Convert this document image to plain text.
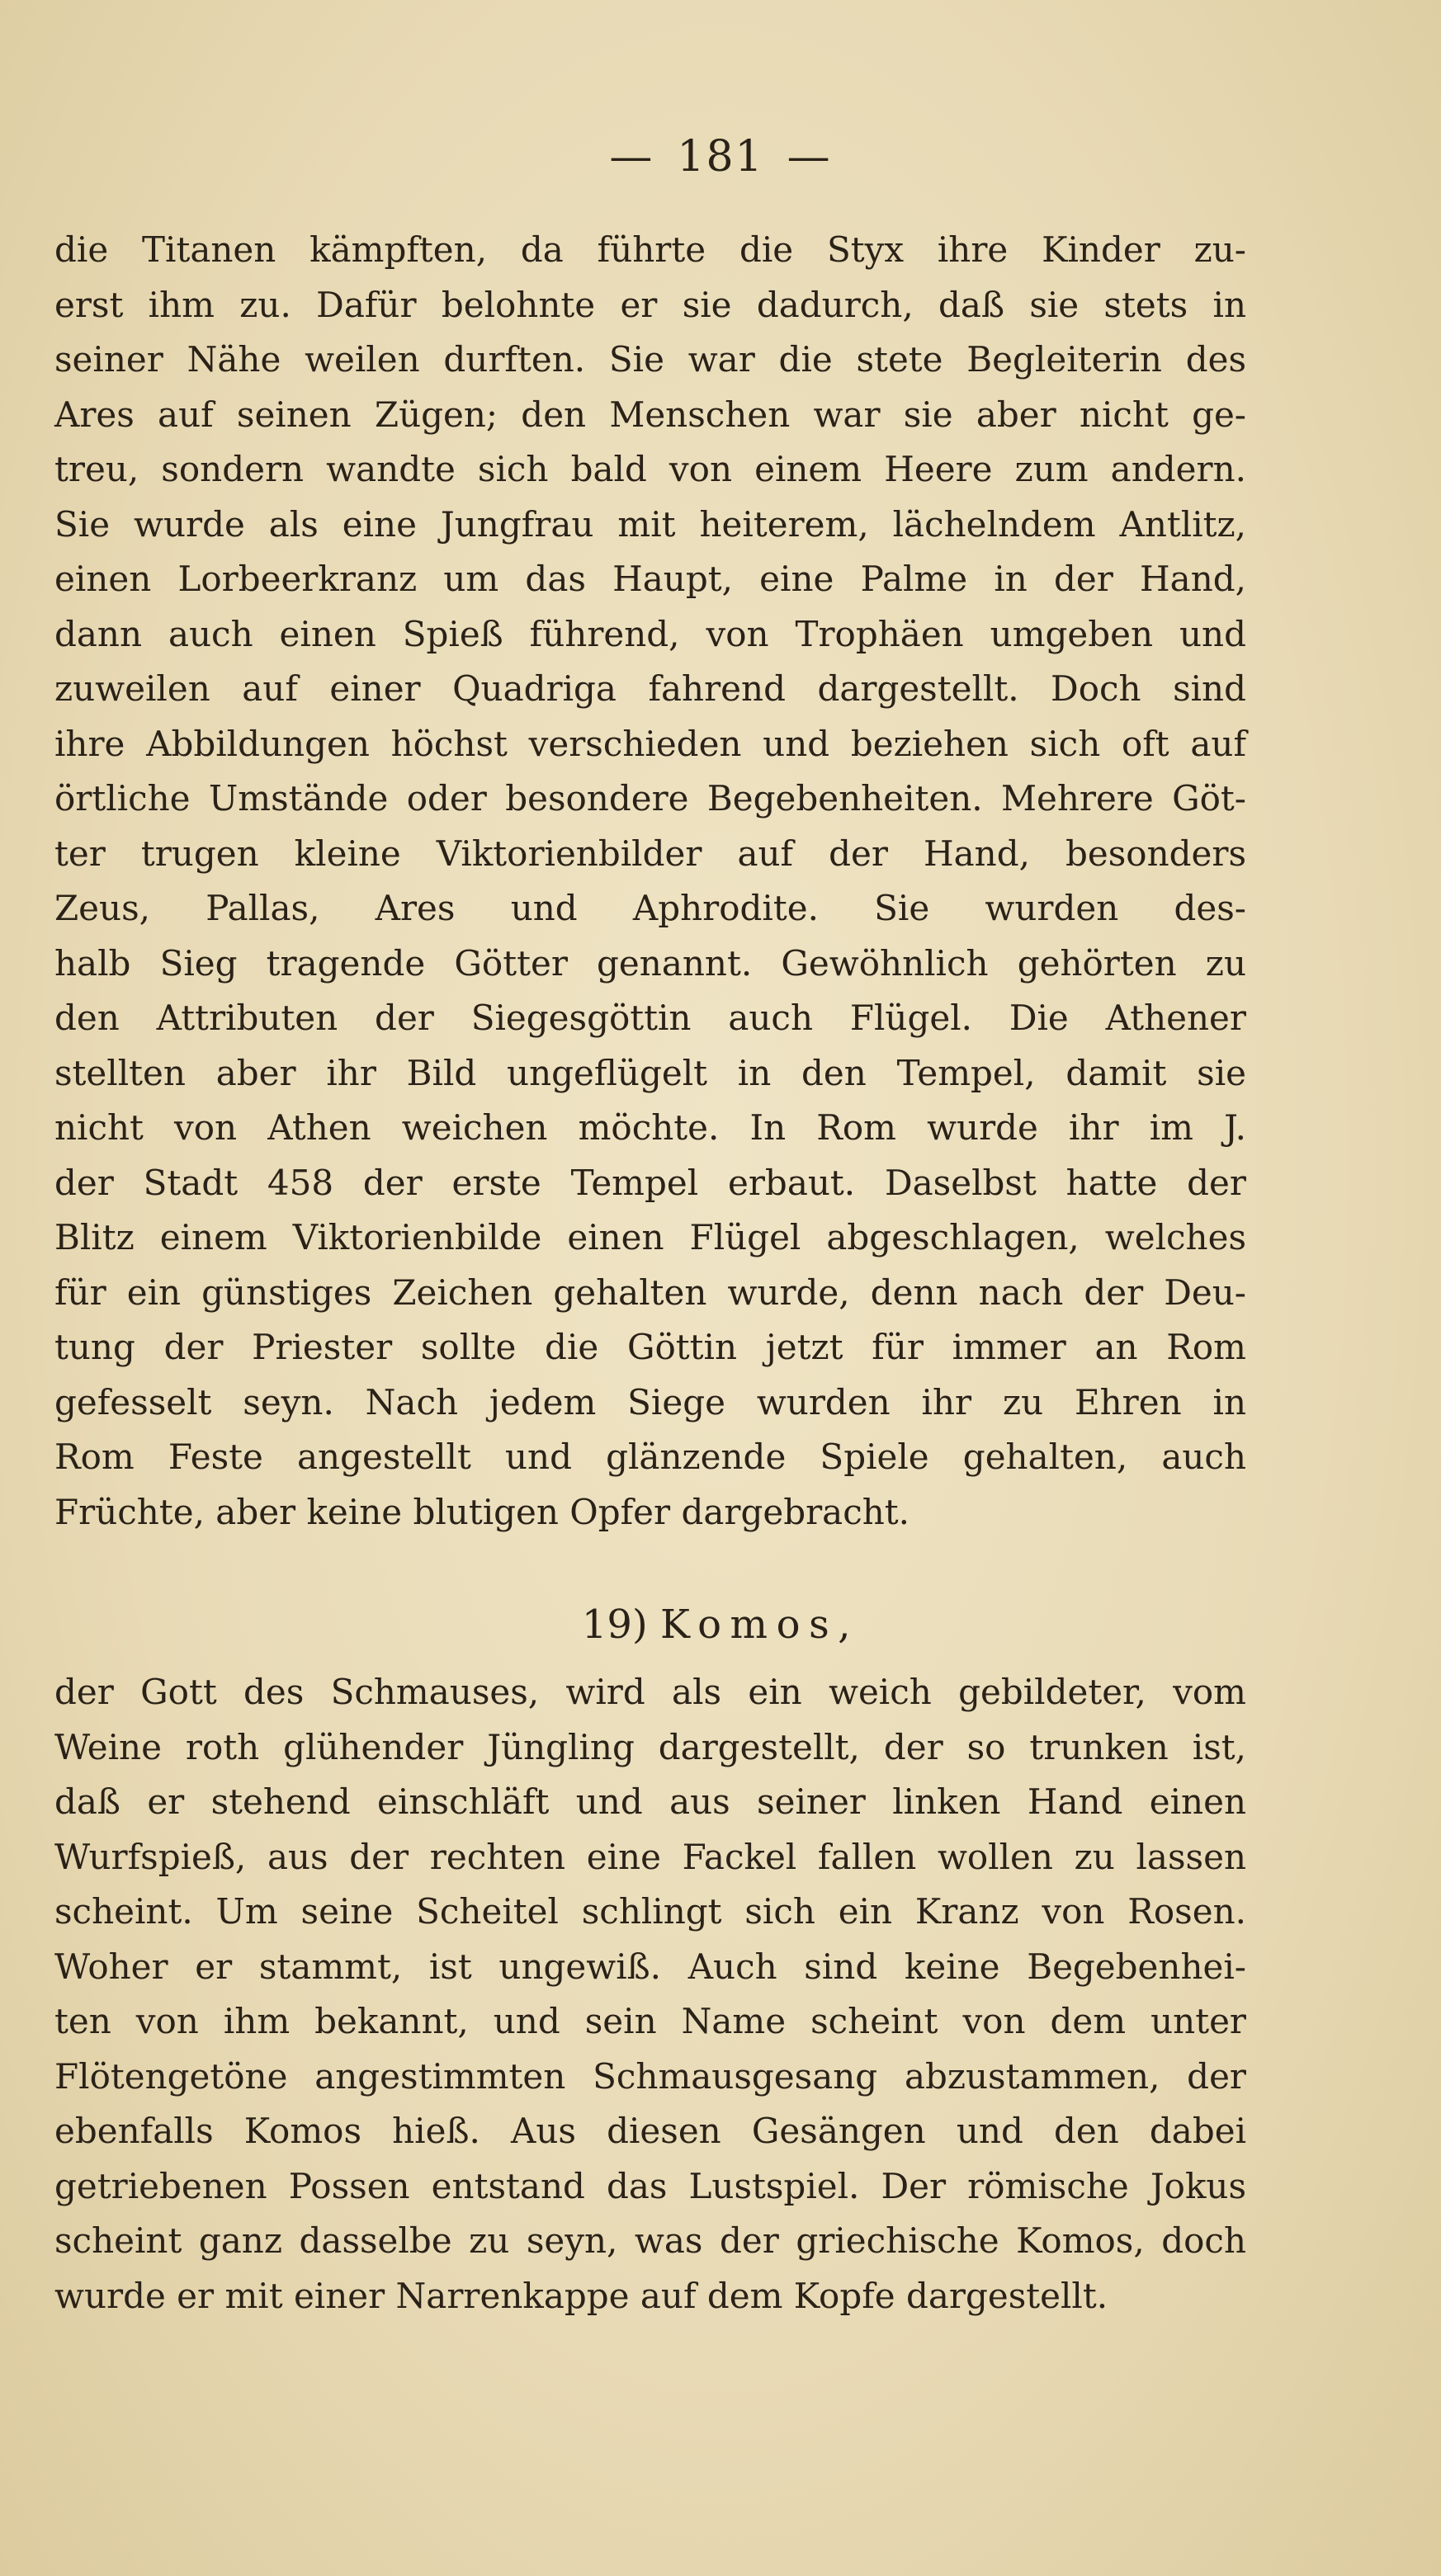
— 181 —
die Titanen kämpften, da führte die Styx ihre Kinder zu-
erst ihm zu. Dafür belohnte er sie dadurch, daß sie stets in
seiner Nähe weilen durften. Sie war die stete Begleiterin des
Ares auf seinen Zügen; den Menschen war sie aber nicht ge-
treu, sondern wandte sich bald von einem Heere zum andern.
Sie wurde als eine Jungfrau mit heiterem, lächelndem Antlitz,
einen Lorbeerkranz um das Haupt, eine Palme in der Hand,
dann auch einen Spieß führend, von Trophäen umgeben und
zuweilen auf einer Quadriga fahrend dargestellt. Doch sind
ihre Abbildungen höchst verschieden und beziehen sich oft auf
örtliche Umstände oder besondere Begebenheiten. Mehrere Göt-
ter trugen kleine Viktorienbilder auf der Hand, besonders
Zeus, Pallas, Ares und Aphrodite. Sie wurden des-
halb Sieg tragende Götter genannt. Gewöhnlich gehörten zu
den Attributen der Siegesgöttin auch Flügel. Die Athener
stellten aber ihr Bild ungeflügelt in den Tempel, damit sie
nicht von Athen weichen möchte. In Rom wurde ihr im J.
der Stadt 458 der erste Tempel erbaut. Daselbst hatte der
Blitz einem Viktorienbilde einen Flügel abgeschlagen, welches
für ein günstiges Zeichen gehalten wurde, denn nach der Deu-
tung der Priester sollte die Göttin jetzt für immer an Rom
gefesselt seyn. Nach jedem Siege wurden ihr zu Ehren in
Rom Feste angestellt und glänzende Spiele gehalten, auch
Früchte, aber keine blutigen Opfer dargebracht.
19) Komos,
der Gott des Schmauses, wird als ein weich gebildeter, vom
Weine roth glühender Jüngling dargestellt, der so trunken ist,
daß er stehend einschläft und aus seiner linken Hand einen
Wurfspieß, aus der rechten eine Fackel fallen wollen zu lassen
scheint. Um seine Scheitel schlingt sich ein Kranz von Rosen.
Woher er stammt, ist ungewiß. Auch sind keine Begebenhei-
ten von ihm bekannt, und sein Name scheint von dem unter
Flötengetöne angestimmten Schmausgesang abzustammen, der
ebenfalls Komos hieß. Aus diesen Gesängen und den dabei
getriebenen Possen entstand das Lustspiel. Der römische Jokus
scheint ganz dasselbe zu seyn, was der griechische Komos, doch
wurde er mit einer Narrenkappe auf dem Kopfe dargestellt.
